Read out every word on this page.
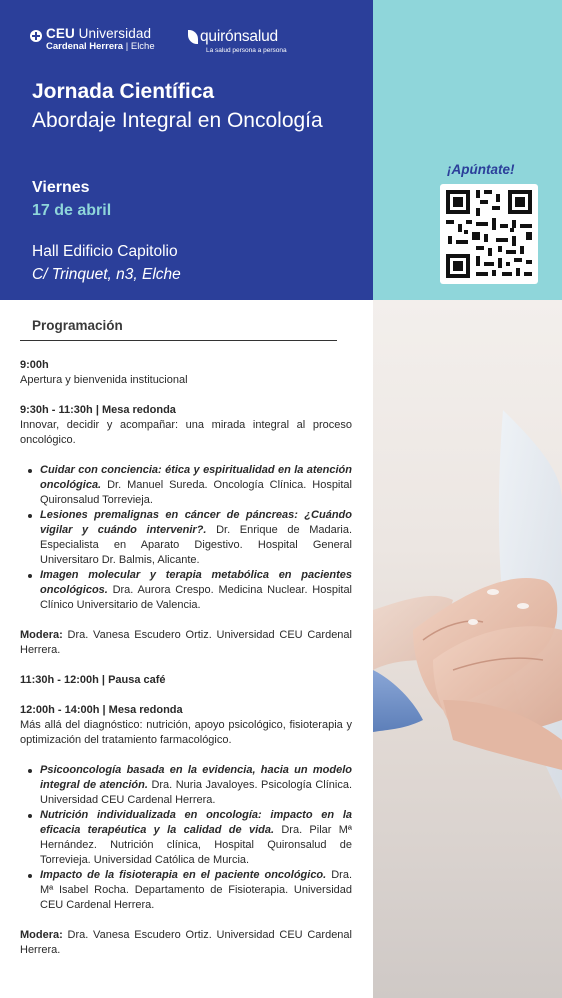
CEU Universidad
Cardenal Herrera | Elche
quirónsalud
La salud persona a persona
Jornada Científica
Abordaje Integral en Oncología
Viernes
17 de abril
Hall Edificio Capitolio
C/ Trinquet, n3, Elche
¡Apúntate!
Programación
9:00h
Apertura y bienvenida institucional
9:30h - 11:30h | Mesa redonda
Innovar, decidir y acompañar: una mirada integral al proceso oncológico.
Cuidar con conciencia: ética y espiritualidad en la atención oncológica. Dr. Manuel Sureda. Oncología Clínica. Hospital Quironsalud Torrevieja.
Lesiones premalignas en cáncer de páncreas: ¿Cuándo vigilar y cuándo intervenir?. Dr. Enrique de Madaria. Especialista en Aparato Digestivo. Hospital General Universitaro Dr. Balmis, Alicante.
Imagen molecular y terapia metabólica en pacientes oncológicos. Dra. Aurora Crespo. Medicina Nuclear. Hospital Clínico Universitario de Valencia.
Modera: Dra. Vanesa Escudero Ortiz. Universidad CEU Cardenal Herrera.
11:30h - 12:00h | Pausa café
12:00h - 14:00h | Mesa redonda
Más allá del diagnóstico: nutrición, apoyo psicológico, fisioterapia y optimización del tratamiento farmacológico.
Psicooncología basada en la evidencia, hacia un modelo integral de atención. Dra. Nuria Javaloyes. Psicología Clínica. Universidad CEU Cardenal Herrera.
Nutrición individualizada en oncología: impacto en la eficacia terapéutica y la calidad de vida. Dra. Pilar Mª Hernández. Nutrición clínica, Hospital Quironsalud de Torrevieja. Universidad Católica de Murcia.
Impacto de la fisioterapia en el paciente oncológico. Dra. Mª Isabel Rocha. Departamento de Fisioterapia. Universidad CEU Cardenal Herrera.
Modera: Dra. Vanesa Escudero Ortiz. Universidad CEU Cardenal Herrera.
